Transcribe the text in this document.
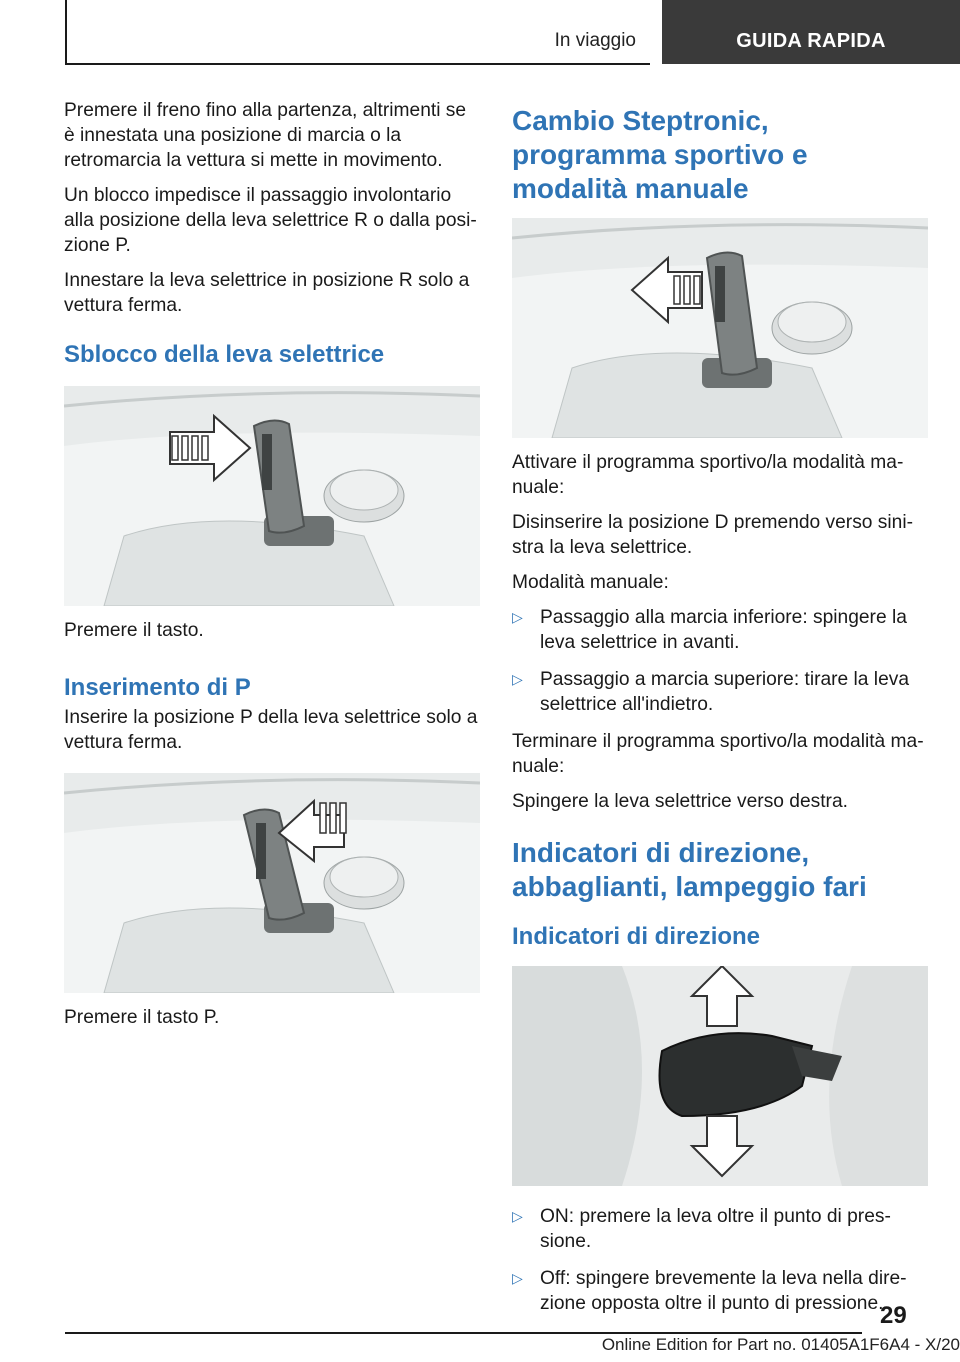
In viaggio	GUIDA RAPIDA

Premere il freno fino alla partenza, altrimenti se è innestata una posizione di marcia o la retromarcia la vettura si mette in movimento.

Un blocco impedisce il passaggio involontario alla posizione della leva selettrice R o dalla posizione P.

Innestare la leva selettrice in posizione R solo a vettura ferma.

Sblocco della leva selettrice

Premere il tasto.

Inserimento di P

Inserire la posizione P della leva selettrice solo a vettura ferma.

Premere il tasto P.

Cambio Steptronic, programma sportivo e modalità manuale

Attivare il programma sportivo/la modalità manuale:

Disinserire la posizione D premendo verso sinistra la leva selettrice.

Modalità manuale:

▷ Passaggio alla marcia inferiore: spingere la leva selettrice in avanti.
▷ Passaggio a marcia superiore: tirare la leva selettrice all'indietro.

Terminare il programma sportivo/la modalità manuale:

Spingere la leva selettrice verso destra.

Indicatori di direzione, abbaglianti, lampeggio fari
Indicatori di direzione
▷ ON: premere la leva oltre il punto di pressione.
▷ Off: spingere brevemente la leva nella direzione opposta oltre il punto di pressione.
29
Online Edition for Part no. 01405A1F6A4 - X/20
